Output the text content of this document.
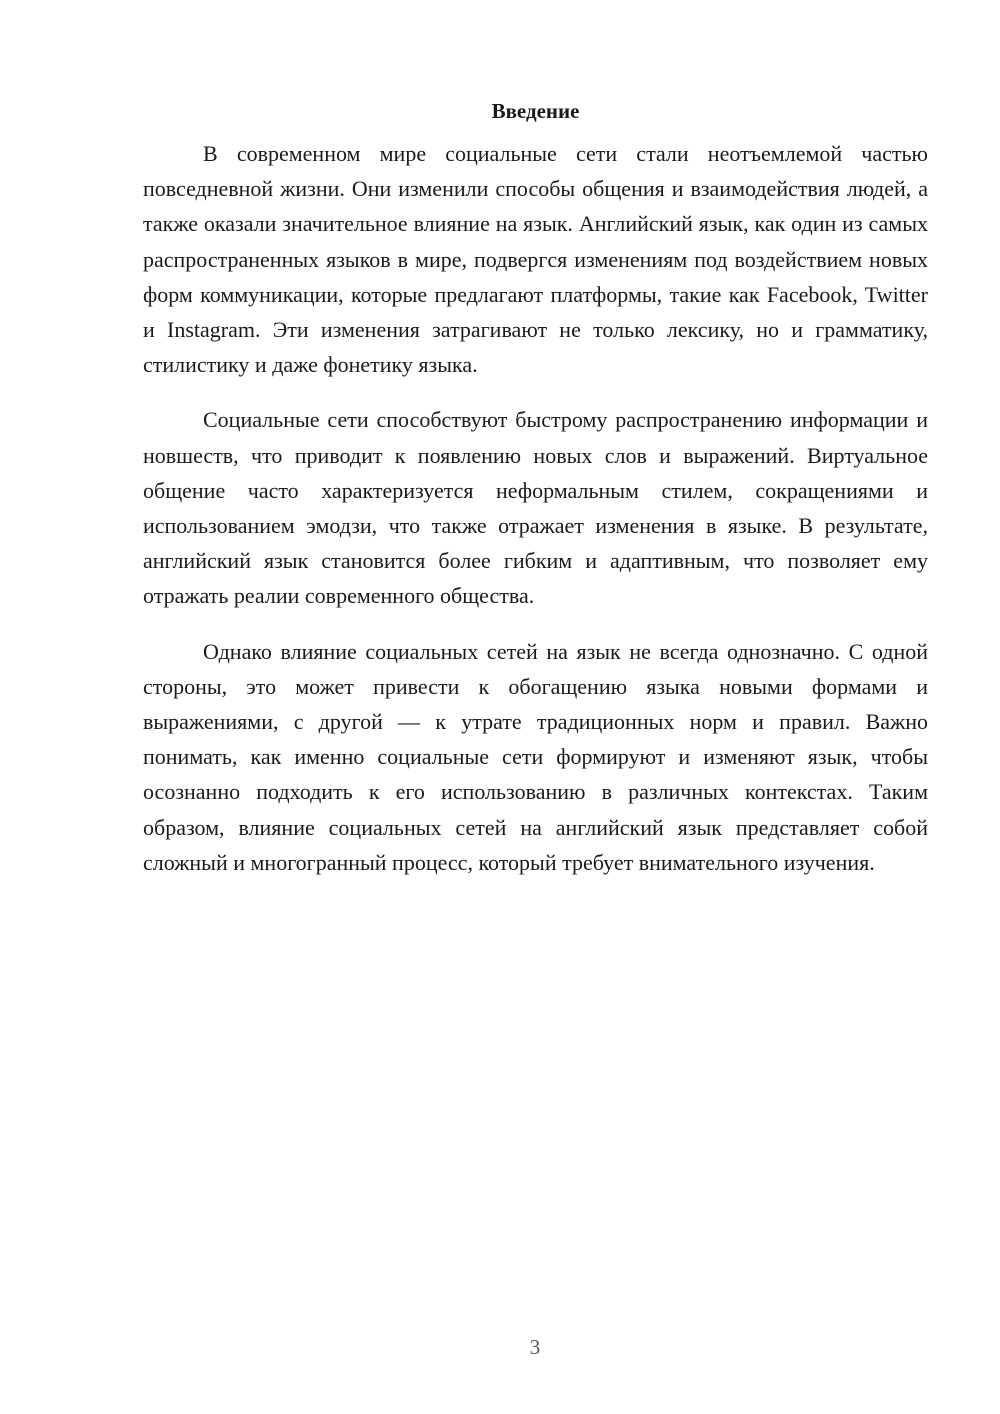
Введение

В современном мире социальные сети стали неотъемлемой частью повседневной жизни. Они изменили способы общения и взаимодействия людей, а также оказали значительное влияние на язык. Английский язык, как один из самых распространенных языков в мире, подвергся изменениям под воздействием новых форм коммуникации, которые предлагают платформы, такие как Facebook, Twitter и Instagram. Эти изменения затрагивают не только лексику, но и грамматику, стилистику и даже фонетику языка.

Социальные сети способствуют быстрому распространению информации и новшеств, что приводит к появлению новых слов и выражений. Виртуальное общение часто характеризуется неформальным стилем, сокращениями и использованием эмодзи, что также отражает изменения в языке. В результате, английский язык становится более гибким и адаптивным, что позволяет ему отражать реалии современного общества.

Однако влияние социальных сетей на язык не всегда однозначно. С одной стороны, это может привести к обогащению языка новыми формами и выражениями, с другой — к утрате традиционных норм и правил. Важно понимать, как именно социальные сети формируют и изменяют язык, чтобы осознанно подходить к его использованию в различных контекстах. Таким образом, влияние социальных сетей на английский язык представляет собой сложный и многогранный процесс, который требует внимательного изучения.

3
